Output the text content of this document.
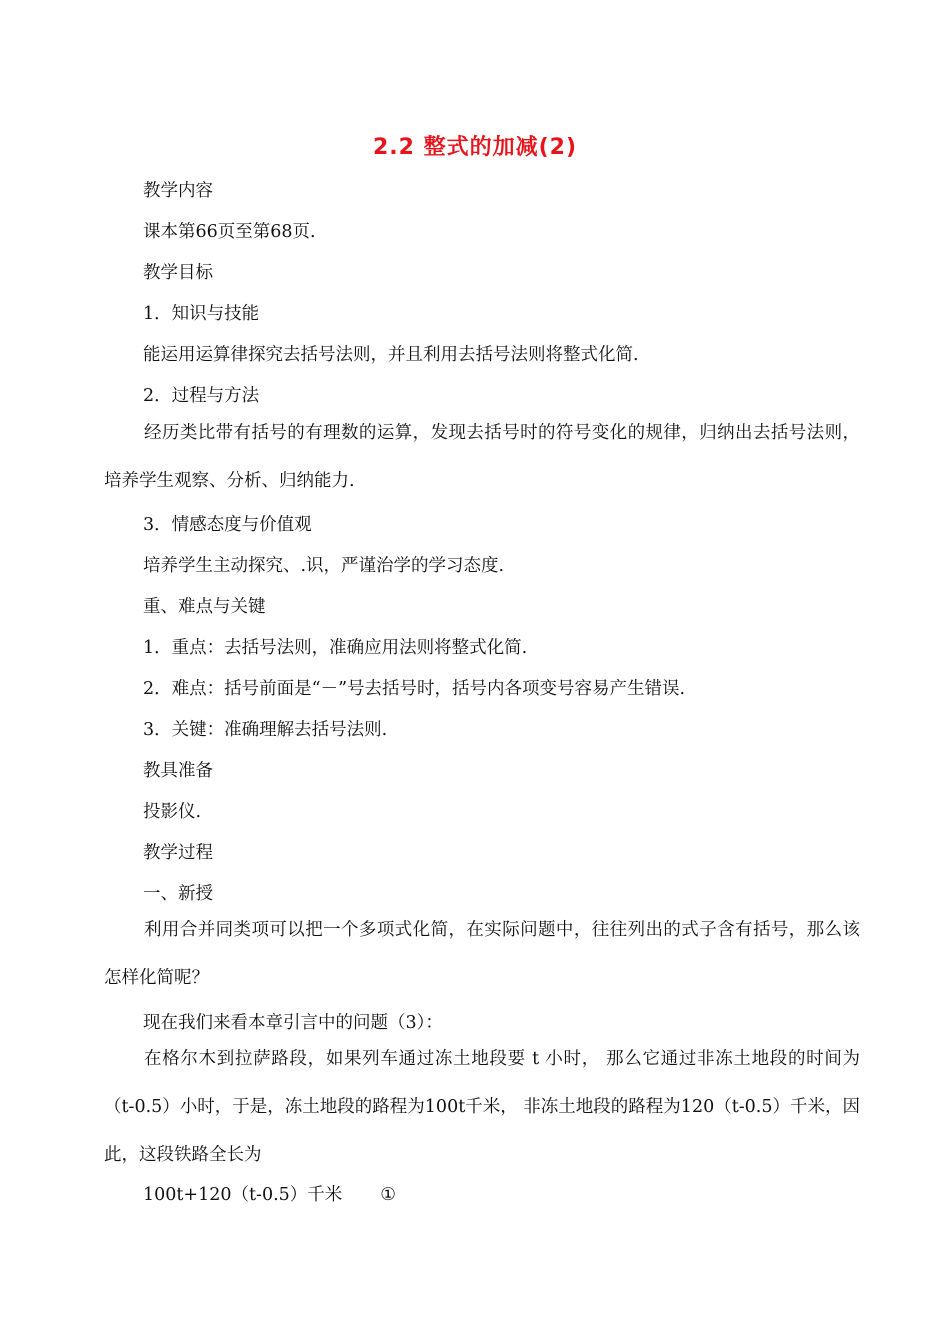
2.2 整式的加减(2)
教学内容
课本第66页至第68页.
教学目标
1．知识与技能
能运用运算律探究去括号法则，并且利用去括号法则将整式化简.
2．过程与方法
经历类比带有括号的有理数的运算，发现去括号时的符号变化的规律，归纳出去括号法则，培养学生观察、分析、归纳能力.
3．情感态度与价值观
培养学生主动探究、.识，严谨治学的学习态度.
重、难点与关键
1．重点：去括号法则，准确应用法则将整式化简.
2．难点：括号前面是“－”号去括号时，括号内各项变号容易产生错误.
3．关键：准确理解去括号法则.
教具准备
投影仪.
教学过程
一、新授
利用合并同类项可以把一个多项式化简，在实际问题中，往往列出的式子含有括号，那么该怎样化简呢？
现在我们来看本章引言中的问题（3）：
在格尔木到拉萨路段，如果列车通过冻土地段要 t 小时， 那么它通过非冻土地段的时间为（t-0.5）小时，于是，冻土地段的路程为100t千米， 非冻土地段的路程为120（t-0.5）千米，因此，这段铁路全长为
100t+120（t-0.5）千米 ①
